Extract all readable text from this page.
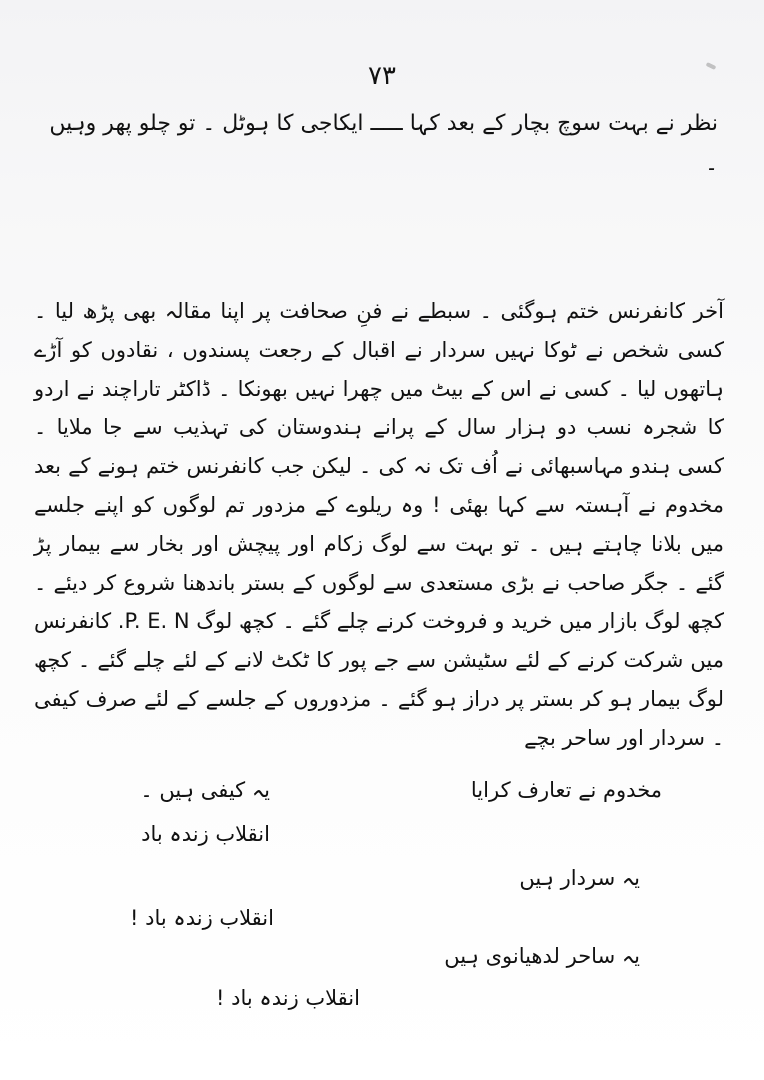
۷۳
نظر نے بہت سوچ بچار کے بعد کہا ـــــ ایکاجی کا ہوٹل ۔ تو چلو پھر وہیں ۔

آخر کانفرنس ختم ہوگئی ۔ سبطے نے فنِ صحافت پر اپنا مقالہ بھی پڑھ لیا ۔ کسی شخص نے ٹوکا نہیں سردار نے اقبال کے رجعت پسندوں ، نقادوں کو آڑے ہاتھوں لیا ۔ کسی نے اس کے بیٹ میں چھرا نہیں بھونکا ۔ ڈاکٹر تاراچند نے اردو کا شجرہ نسب دو ہزار سال کے پرانے ہندوستان کی تہذیب سے جا ملایا ۔ کسی ہندو مہاسبھائی نے اُف تک نہ کی ۔ لیکن جب کانفرنس ختم ہونے کے بعد مخدوم نے آہستہ سے کہا بھئی ! وہ ریلوے کے مزدور تم لوگوں کو اپنے جلسے میں بلانا چاہتے ہیں ۔ تو بہت سے لوگ زکام اور پیچش اور بخار سے بیمار پڑ گئے ۔ جگر صاحب نے بڑی مستعدی سے لوگوں کے بستر باندھنا شروع کر دیئے ۔ کچھ لوگ بازار میں خرید و فروخت کرنے چلے گئے ۔ کچھ لوگ P. E. N. کانفرنس میں شرکت کرنے کے لئے سٹیشن سے جے پور کا ٹکٹ لانے کے لئے چلے گئے ۔ کچھ لوگ بیمار ہو کر بستر پر دراز ہو گئے ۔ مزدوروں کے جلسے کے لئے صرف کیفی ۔ سردار اور ساحر بچے

مخدوم نے تعارف کرایا
یہ کیفی ہیں ۔
انقلاب زندہ باد
یہ سردار ہیں
انقلاب زندہ باد !
یہ ساحر لدھیانوی ہیں
انقلاب زندہ باد !
